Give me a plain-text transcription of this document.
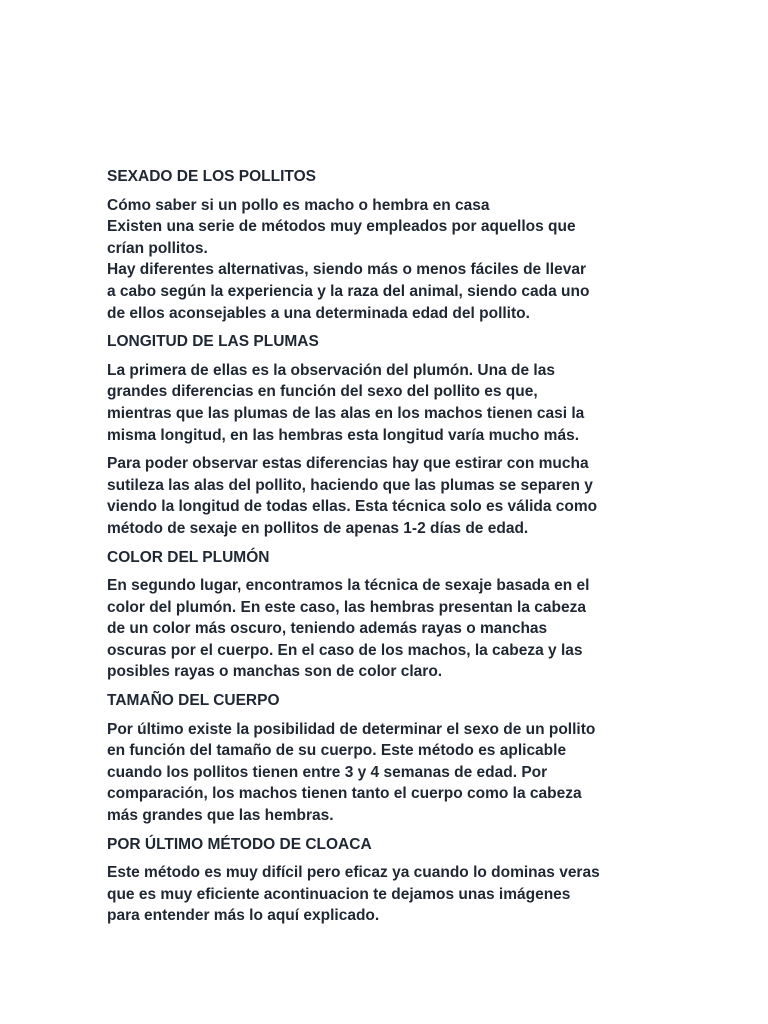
SEXADO DE LOS POLLITOS
Cómo saber si un pollo es macho o hembra en casa
Existen una serie de métodos muy empleados por aquellos que
crían pollitos.
Hay diferentes alternativas, siendo más o menos fáciles de llevar
a cabo según la experiencia y la raza del animal, siendo cada uno
de ellos aconsejables a una determinada edad del pollito.
LONGITUD DE LAS PLUMAS
La primera de ellas es la observación del plumón. Una de las
grandes diferencias en función del sexo del pollito es que,
mientras que las plumas de las alas en los machos tienen casi la
misma longitud, en las hembras esta longitud varía mucho más.
Para poder observar estas diferencias hay que estirar con mucha
sutileza las alas del pollito, haciendo que las plumas se separen y
viendo la longitud de todas ellas. Esta técnica solo es válida como
método de sexaje en pollitos de apenas 1-2 días de edad.
COLOR DEL PLUMÓN
En segundo lugar, encontramos la técnica de sexaje basada en el
color del plumón. En este caso, las hembras presentan la cabeza
de un color más oscuro, teniendo además rayas o manchas
oscuras por el cuerpo. En el caso de los machos, la cabeza y las
posibles rayas o manchas son de color claro.
TAMAÑO DEL CUERPO
Por último existe la posibilidad de determinar el sexo de un pollito
en función del tamaño de su cuerpo. Este método es aplicable
cuando los pollitos tienen entre 3 y 4 semanas de edad. Por
comparación, los machos tienen tanto el cuerpo como la cabeza
más grandes que las hembras.
POR ÚLTIMO MÉTODO DE CLOACA
Este método es muy difícil pero eficaz ya cuando lo dominas veras
que es muy eficiente acontinuacion te dejamos unas imágenes
para entender más lo aquí explicado.
